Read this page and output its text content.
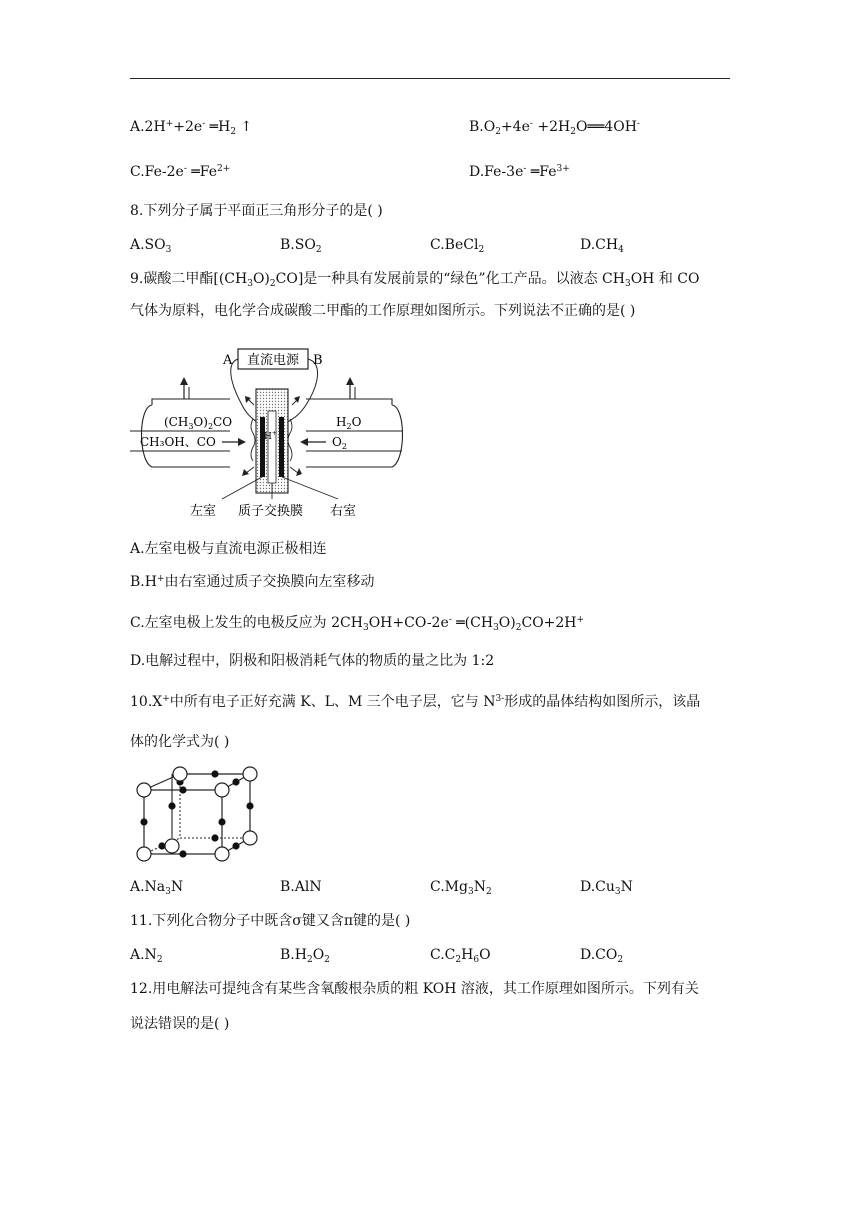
A.2H++2e- $═H_2$ ↑	$B.O_2+4e^-$ $+2H_2O══4OH^-$
C.Fe-2e- $═Fe^{2+}$	D.Fe-3e- $═Fe^{3+}$
8.下列分子属于平面正三角形分子的是( )
$A.SO_3$	$B.SO_2$	C.BeCl$_2$	$D.CH_4$
9.碳酸二甲酯$[(CH_3O)_2CO]$是一种具有发展前景的“绿色”化工产品。以液态 $CH_3OH$ 和 CO
气体为原料，电化学合成碳酸二甲酯的工作原理如图所示。下列说法不正确的是( )
直流电源
A	B
H+
$(CH_3O)_2CO$
CH₃OH、CO
$H_2O$
$O_2$
左室 质子交换膜 右室
A.左室电极与直流电源正极相连
B.H+由右室通过质子交换膜向左室移动
C.左室电极上发生的电极反应为 $2CH_3OH+CO-2e^-$ $═(CH_3O)_2CO+2H^+$
D.电解过程中，阴极和阳极消耗气体的物质的量之比为 1:2
10.X+中所有电子正好充满 K、L、M 三个电子层，它与 $N^{3-}$形成的晶体结构如图所示，该晶
体的化学式为( )
$A.Na_3N$	B.AlN	$C.Mg_3N_2$	$D.Cu_3N$
11.下列化合物分子中既含σ键又含π键的是( )
$A.N_2$	$B.H_2O_2$	$C.C_2H_6O$	$D.CO_2$
12.用电解法可提纯含有某些含氧酸根杂质的粗 KOH 溶液，其工作原理如图所示。下列有关
说法错误的是( )
